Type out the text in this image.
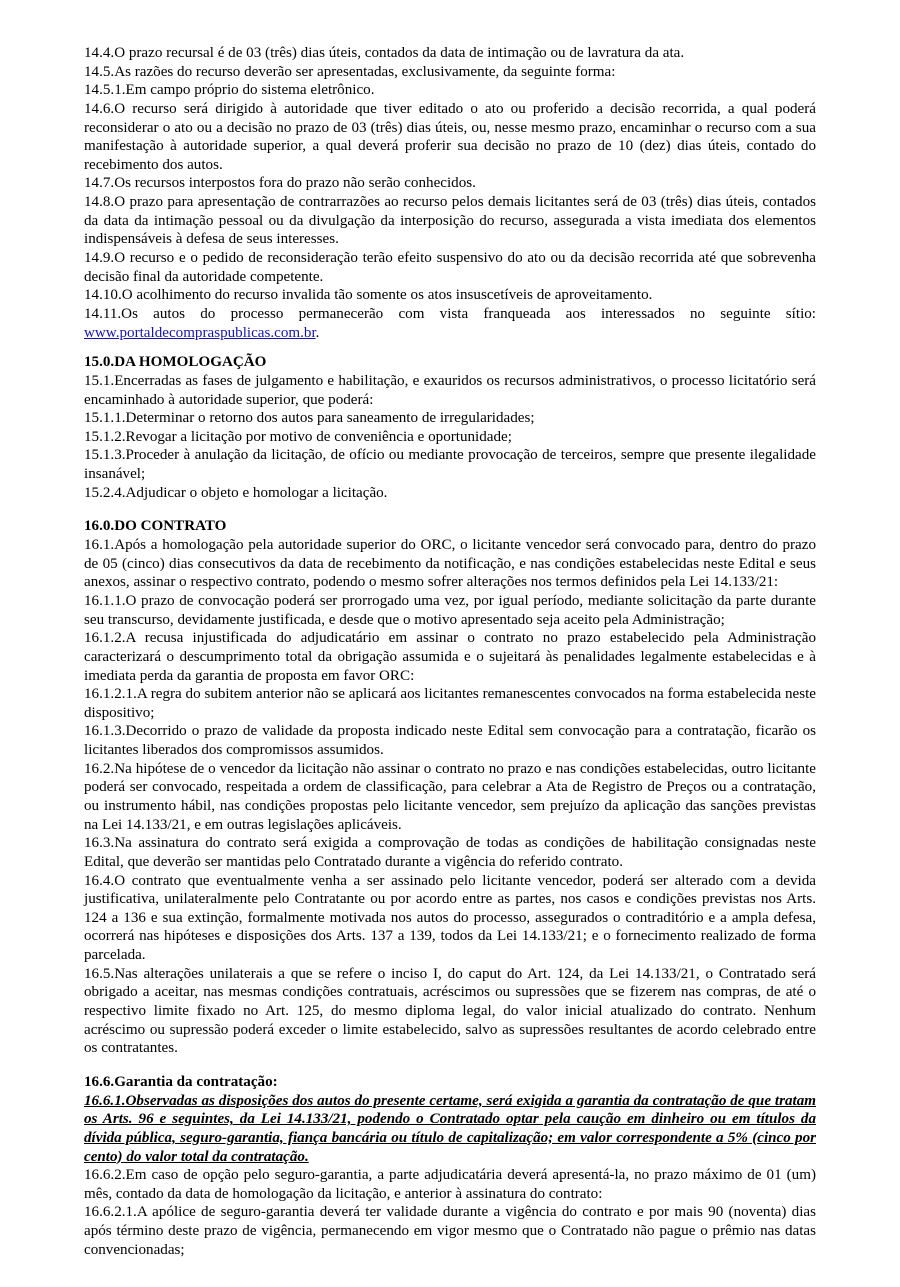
14.4.O prazo recursal é de 03 (três) dias úteis, contados da data de intimação ou de lavratura da ata.

14.5.As razões do recurso deverão ser apresentadas, exclusivamente, da seguinte forma:

14.5.1.Em campo próprio do sistema eletrônico.

14.6.O recurso será dirigido à autoridade que tiver editado o ato ou proferido a decisão recorrida, a qual poderá reconsiderar o ato ou a decisão no prazo de 03 (três) dias úteis, ou, nesse mesmo prazo, encaminhar o recurso com a sua manifestação à autoridade superior, a qual deverá proferir sua decisão no prazo de 10 (dez) dias úteis, contado do recebimento dos autos.

14.7.Os recursos interpostos fora do prazo não serão conhecidos.

14.8.O prazo para apresentação de contrarrazões ao recurso pelos demais licitantes será de 03 (três) dias úteis, contados da data da intimação pessoal ou da divulgação da interposição do recurso, assegurada a vista imediata dos elementos indispensáveis à defesa de seus interesses.

14.9.O recurso e o pedido de reconsideração terão efeito suspensivo do ato ou da decisão recorrida até que sobrevenha decisão final da autoridade competente.

14.10.O acolhimento do recurso invalida tão somente os atos insuscetíveis de aproveitamento.

14.11.Os autos do processo permanecerão com vista franqueada aos interessados no seguinte sítio: www.portaldecompraspublicas.com.br.

15.0.DA HOMOLOGAÇÃO

15.1.Encerradas as fases de julgamento e habilitação, e exauridos os recursos administrativos, o processo licitatório será encaminhado à autoridade superior, que poderá:

15.1.1.Determinar o retorno dos autos para saneamento de irregularidades;

15.1.2.Revogar a licitação por motivo de conveniência e oportunidade;

15.1.3.Proceder à anulação da licitação, de ofício ou mediante provocação de terceiros, sempre que presente ilegalidade insanável;

15.2.4.Adjudicar o objeto e homologar a licitação.

16.0.DO CONTRATO

16.1.Após a homologação pela autoridade superior do ORC, o licitante vencedor será convocado para, dentro do prazo de 05 (cinco) dias consecutivos da data de recebimento da notificação, e nas condições estabelecidas neste Edital e seus anexos, assinar o respectivo contrato, podendo o mesmo sofrer alterações nos termos definidos pela Lei 14.133/21:

16.1.1.O prazo de convocação poderá ser prorrogado uma vez, por igual período, mediante solicitação da parte durante seu transcurso, devidamente justificada, e desde que o motivo apresentado seja aceito pela Administração;

16.1.2.A recusa injustificada do adjudicatário em assinar o contrato no prazo estabelecido pela Administração caracterizará o descumprimento total da obrigação assumida e o sujeitará às penalidades legalmente estabelecidas e à imediata perda da garantia de proposta em favor ORC:

16.1.2.1.A regra do subitem anterior não se aplicará aos licitantes remanescentes convocados na forma estabelecida neste dispositivo;

16.1.3.Decorrido o prazo de validade da proposta indicado neste Edital sem convocação para a contratação, ficarão os licitantes liberados dos compromissos assumidos.

16.2.Na hipótese de o vencedor da licitação não assinar o contrato no prazo e nas condições estabelecidas, outro licitante poderá ser convocado, respeitada a ordem de classificação, para celebrar a Ata de Registro de Preços ou a contratação, ou instrumento hábil, nas condições propostas pelo licitante vencedor, sem prejuízo da aplicação das sanções previstas na Lei 14.133/21, e em outras legislações aplicáveis.

16.3.Na assinatura do contrato será exigida a comprovação de todas as condições de habilitação consignadas neste Edital, que deverão ser mantidas pelo Contratado durante a vigência do referido contrato.

16.4.O contrato que eventualmente venha a ser assinado pelo licitante vencedor, poderá ser alterado com a devida justificativa, unilateralmente pelo Contratante ou por acordo entre as partes, nos casos e condições previstas nos Arts. 124 a 136 e sua extinção, formalmente motivada nos autos do processo, assegurados o contraditório e a ampla defesa, ocorrerá nas hipóteses e disposições dos Arts. 137 a 139, todos da Lei 14.133/21; e o fornecimento realizado de forma parcelada.

16.5.Nas alterações unilaterais a que se refere o inciso I, do caput do Art. 124, da Lei 14.133/21, o Contratado será obrigado a aceitar, nas mesmas condições contratuais, acréscimos ou supressões que se fizerem nas compras, de até o respectivo limite fixado no Art. 125, do mesmo diploma legal, do valor inicial atualizado do contrato. Nenhum acréscimo ou supressão poderá exceder o limite estabelecido, salvo as supressões resultantes de acordo celebrado entre os contratantes.

16.6.Garantia da contratação:

16.6.1.Observadas as disposições dos autos do presente certame, será exigida a garantia da contratação de que tratam os Arts. 96 e seguintes, da Lei 14.133/21, podendo o Contratado optar pela caução em dinheiro ou em títulos da dívida pública, seguro-garantia, fiança bancária ou título de capitalização; em valor correspondente a 5% (cinco por cento) do valor total da contratação.

16.6.2.Em caso de opção pelo seguro-garantia, a parte adjudicatária deverá apresentá-la, no prazo máximo de 01 (um) mês, contado da data de homologação da licitação, e anterior à assinatura do contrato:

16.6.2.1.A apólice de seguro-garantia deverá ter validade durante a vigência do contrato e por mais 90 (noventa) dias após término deste prazo de vigência, permanecendo em vigor mesmo que o Contratado não pague o prêmio nas datas convencionadas;
